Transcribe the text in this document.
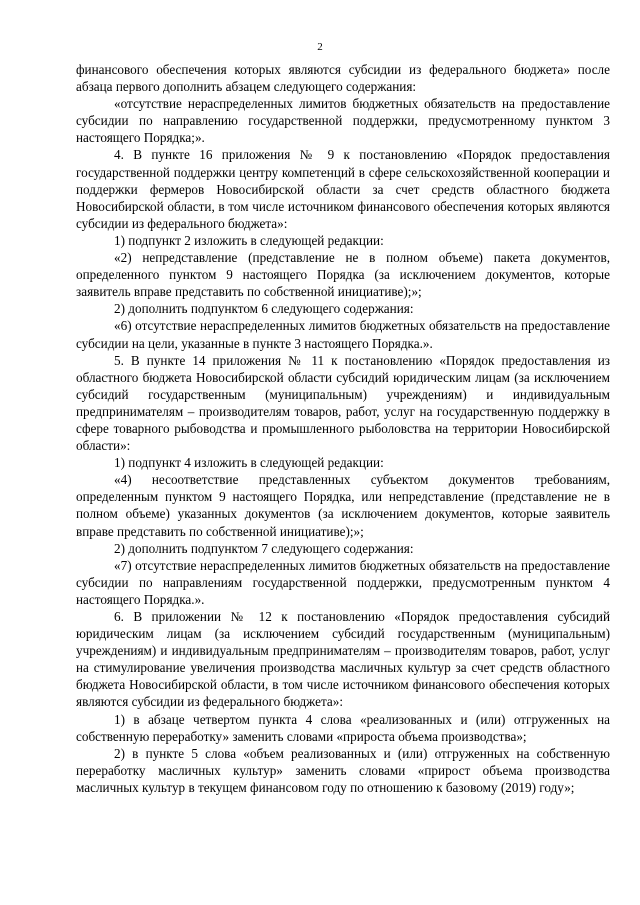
2

финансового обеспечения которых являются субсидии из федерального бюджета» после абзаца первого дополнить абзацем следующего содержания:

«отсутствие нераспределенных лимитов бюджетных обязательств на предоставление субсидии по направлению государственной поддержки, предусмотренному пунктом 3 настоящего Порядка;».

4. В пункте 16 приложения № 9 к постановлению «Порядок предоставления государственной поддержки центру компетенций в сфере сельскохозяйственной кооперации и поддержки фермеров Новосибирской области за счет средств областного бюджета Новосибирской области, в том числе источником финансового обеспечения которых являются субсидии из федерального бюджета»:

1) подпункт 2 изложить в следующей редакции:

«2) непредставление (представление не в полном объеме) пакета документов, определенного пунктом 9 настоящего Порядка (за исключением документов, которые заявитель вправе представить по собственной инициативе);»;

2) дополнить подпунктом 6 следующего содержания:

«6) отсутствие нераспределенных лимитов бюджетных обязательств на предоставление субсидии на цели, указанные в пункте 3 настоящего Порядка.».

5. В пункте 14 приложения № 11 к постановлению «Порядок предоставления из областного бюджета Новосибирской области субсидий юридическим лицам (за исключением субсидий государственным (муниципальным) учреждениям) и индивидуальным предпринимателям – производителям товаров, работ, услуг на государственную поддержку в сфере товарного рыбоводства и промышленного рыболовства на территории Новосибирской области»:

1) подпункт 4 изложить в следующей редакции:

«4) несоответствие представленных субъектом документов требованиям, определенным пунктом 9 настоящего Порядка, или непредставление (представление не в полном объеме) указанных документов (за исключением документов, которые заявитель вправе представить по собственной инициативе);»;

2) дополнить подпунктом 7 следующего содержания:

«7) отсутствие нераспределенных лимитов бюджетных обязательств на предоставление субсидии по направлениям государственной поддержки, предусмотренным пунктом 4 настоящего Порядка.».

6. В приложении № 12 к постановлению «Порядок предоставления субсидий юридическим лицам (за исключением субсидий государственным (муниципальным) учреждениям) и индивидуальным предпринимателям – производителям товаров, работ, услуг на стимулирование увеличения производства масличных культур за счет средств областного бюджета Новосибирской области, в том числе источником финансового обеспечения которых являются субсидии из федерального бюджета»:

1) в абзаце четвертом пункта 4 слова «реализованных и (или) отгруженных на собственную переработку» заменить словами «прироста объема производства»;

2) в пункте 5 слова «объем реализованных и (или) отгруженных на собственную переработку масличных культур» заменить словами «прирост объема производства масличных культур в текущем финансовом году по отношению к базовому (2019) году»;
